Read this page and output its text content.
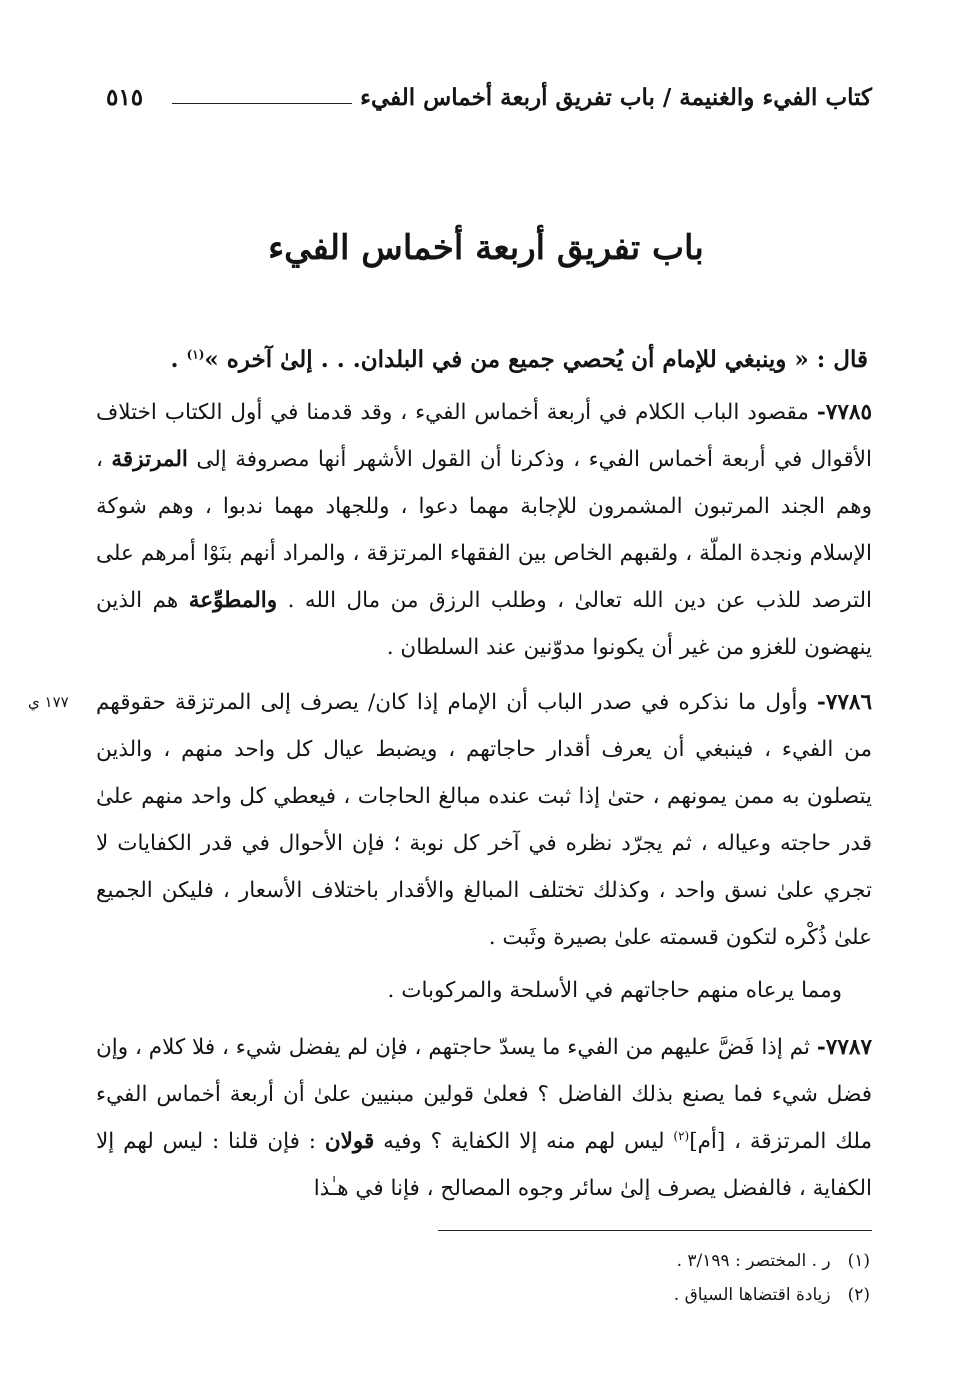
كتاب الفيء والغنيمة / باب تفريق أربعة أخماس الفيء
٥١٥
باب تفريق أربعة أخماس الفيء

قال : « وينبغي للإمام أن يُحصي جميع من في البلدان. . . إلىٰ آخره »$^{(١)}$ .

٧٧٨٥- مقصود الباب الكلام في أربعة أخماس الفيء ، وقد قدمنا في أول الكتاب اختلاف الأقوال في أربعة أخماس الفيء ، وذكرنا أن القول الأشهر أنها مصروفة إلى المرتزقة ، وهم الجند المرتبون المشمرون للإجابة مهما دعوا ، وللجهاد مهما ندبوا ، وهم شوكة الإسلام ونجدة الملّة ، ولقبهم الخاص بين الفقهاء المرتزقة ، والمراد أنهم بنَوْا أمرهم على الترصد للذب عن دين الله تعالىٰ ، وطلب الرزق من مال الله . والمطوِّعة هم الذين ينهضون للغزو من غير أن يكونوا مدوّنين عند السلطان .

١٧٧ ي	٧٧٨٦- وأول ما نذكره في صدر الباب أن الإمام إذا كان/ يصرف إلى المرتزقة حقوقهم من الفيء ، فينبغي أن يعرف أقدار حاجاتهم ، ويضبط عيال كل واحد منهم ، والذين يتصلون به ممن يمونهم ، حتىٰ إذا ثبت عنده مبالغ الحاجات ، فيعطي كل واحد منهم علىٰ قدر حاجته وعياله ، ثم يجرّد نظره في آخر كل نوبة ؛ فإن الأحوال في قدر الكفايات لا تجري علىٰ نسق واحد ، وكذلك تختلف المبالغ والأقدار باختلاف الأسعار ، فليكن الجميع علىٰ ذُكْره لتكون قسمته علىٰ بصيرة وثَبت .

ومما يرعاه منهم حاجاتهم في الأسلحة والمركوبات .

٧٧٨٧- ثم إذا فَضَّ عليهم من الفيء ما يسدّ حاجتهم ، فإن لم يفضل شيء ، فلا كلام ، وإن فضل شيء فما يصنع بذلك الفاضل ؟ فعلىٰ قولين مبنيين علىٰ أن أربعة أخماس الفيء ملك المرتزقة ، [أم]$^{(٢)}$ ليس لهم منه إلا الكفاية ؟ وفيه قولان : فإن قلنا : ليس لهم إلا الكفاية ، فالفضل يصرف إلىٰ سائر وجوه المصالح ، فإنا في هـٰذا

(١) ر . المختصر : ٣/١٩٩ .
(٢) زيادة اقتضاها السياق .
